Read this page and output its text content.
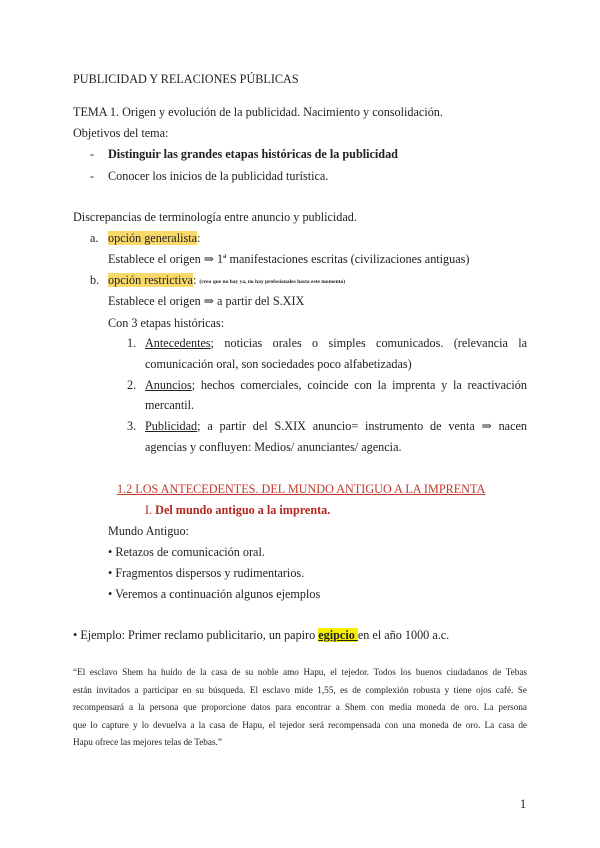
PUBLICIDAD Y RELACIONES PÚBLICAS
TEMA 1. Origen y evolución de la publicidad. Nacimiento y consolidación.
Objetivos del tema:
- Distinguir las grandes etapas históricas de la publicidad
- Conocer los inicios de la publicidad turística.
Discrepancias de terminología entre anuncio y publicidad.
a. opción generalista:
Establece el origen ⇒ 1ª manifestaciones escritas (civilizaciones antiguas)
b. opción restrictiva: (creo que no hay ya, no hay profesionales hasta este momento)
Establece el origen ⇒ a partir del S.XIX
Con 3 etapas históricas:
1. Antecedentes; noticias orales o simples comunicados. (relevancia la
comunicación oral, son sociedades poco alfabetizadas)
2. Anuncios; hechos comerciales, coincide con la imprenta y la reactivación
mercantil.
3. Publicidad; a partir del S.XIX anuncio= instrumento de venta ⇒ nacen
agencias y confluyen: Medios/ anunciantes/ agencia.
1.2 LOS ANTECEDENTES. DEL MUNDO ANTIGUO A LA IMPRENTA
I. Del mundo antiguo a la imprenta.
Mundo Antiguo:
• Retazos de comunicación oral.
• Fragmentos dispersos y rudimentarios.
• Veremos a continuación algunos ejemplos
• Ejemplo: Primer reclamo publicitario, un papiro egipcio en el año 1000 a.c.
“El esclavo Shem ha huido de la casa de su noble amo Hapu, el tejedor. Todos los buenos ciudadanos de Tebas
están invitados a participar en su búsqueda. El esclavo mide 1,55, es de complexión robusta y tiene ojos café. Se
recompensará a la persona que proporcione datos para encontrar a Shem con media moneda de oro. La persona
que lo capture y lo devuelva a la casa de Hapu, el tejedor será recompensada con una moneda de oro. La casa de
Hapu ofrece las mejores telas de Tebas.”
1
